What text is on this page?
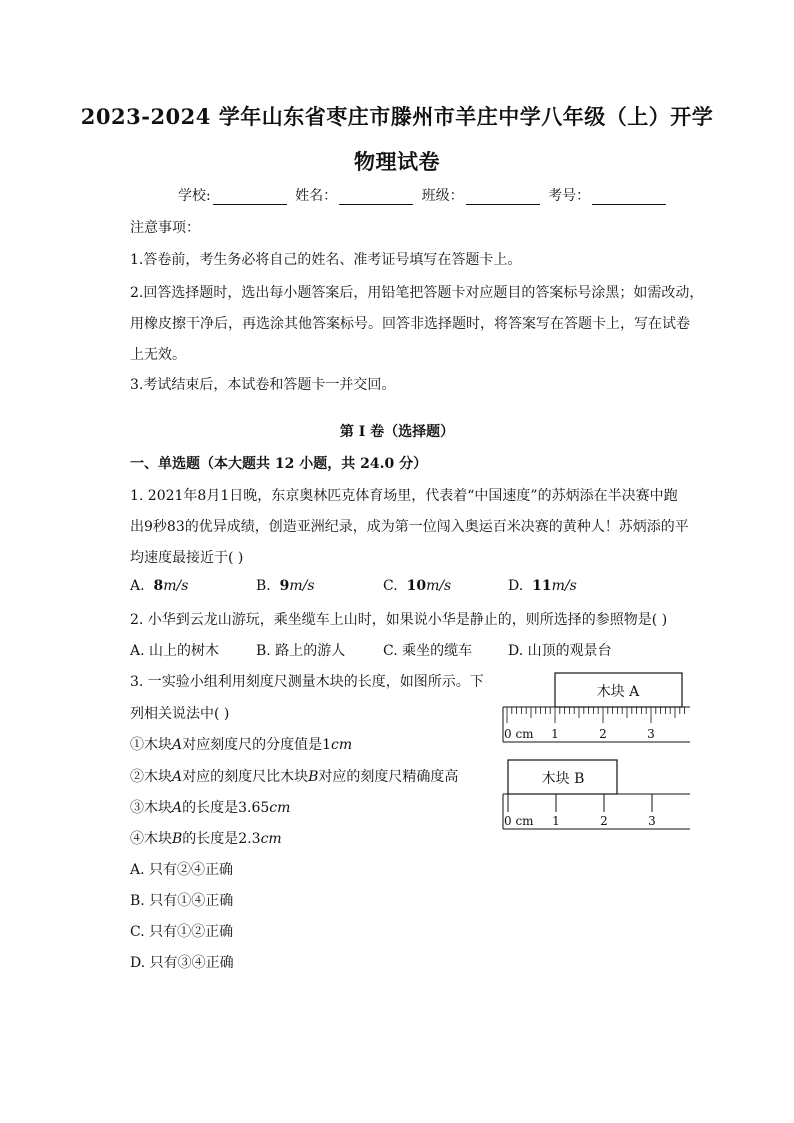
2023-2024 学年山东省枣庄市滕州市羊庄中学八年级（上）开学
物理试卷
学校:	姓名：	班级：	考号：
注意事项：
1.答卷前，考生务必将自己的姓名、准考证号填写在答题卡上。
2.回答选择题时，选出每小题答案后，用铅笔把答题卡对应题目的答案标号涂黑；如需改动，
用橡皮擦干净后，再选涂其他答案标号。回答非选择题时，将答案写在答题卡上，写在试卷
上无效。
3.考试结束后，本试卷和答题卡一并交回。
第 I 卷（选择题）
一、单选题（本大题共 12 小题，共 24.0 分）
1. 2021年8月1日晚，东京奥林匹克体育场里，代表着“中国速度”的苏炳添在半决赛中跑
出9秒83的优异成绩，创造亚洲纪录，成为第一位闯入奥运百米决赛的黄种人！苏炳添的平
均速度最接近于( )
A. 8m/s	B. 9m/s	C. 10m/s	D. 11m/s
2. 小华到云龙山游玩，乘坐缆车上山时，如果说小华是静止的，则所选择的参照物是( )
A. 山上的树木	B. 路上的游人	C. 乘坐的缆车	D. 山顶的观景台
3. 一实验小组利用刻度尺测量木块的长度，如图所示。下
列相关说法中( )
①木块A对应刻度尺的分度值是1cm
②木块A对应的刻度尺比木块B对应的刻度尺精确度高
③木块A的长度是3.65cm
④木块B的长度是2.3cm
A. 只有②④正确
B. 只有①④正确
C. 只有①②正确
D. 只有③④正确
木块 A
0 cm 1	2	3
木块 B
0 cm 1	2	3
